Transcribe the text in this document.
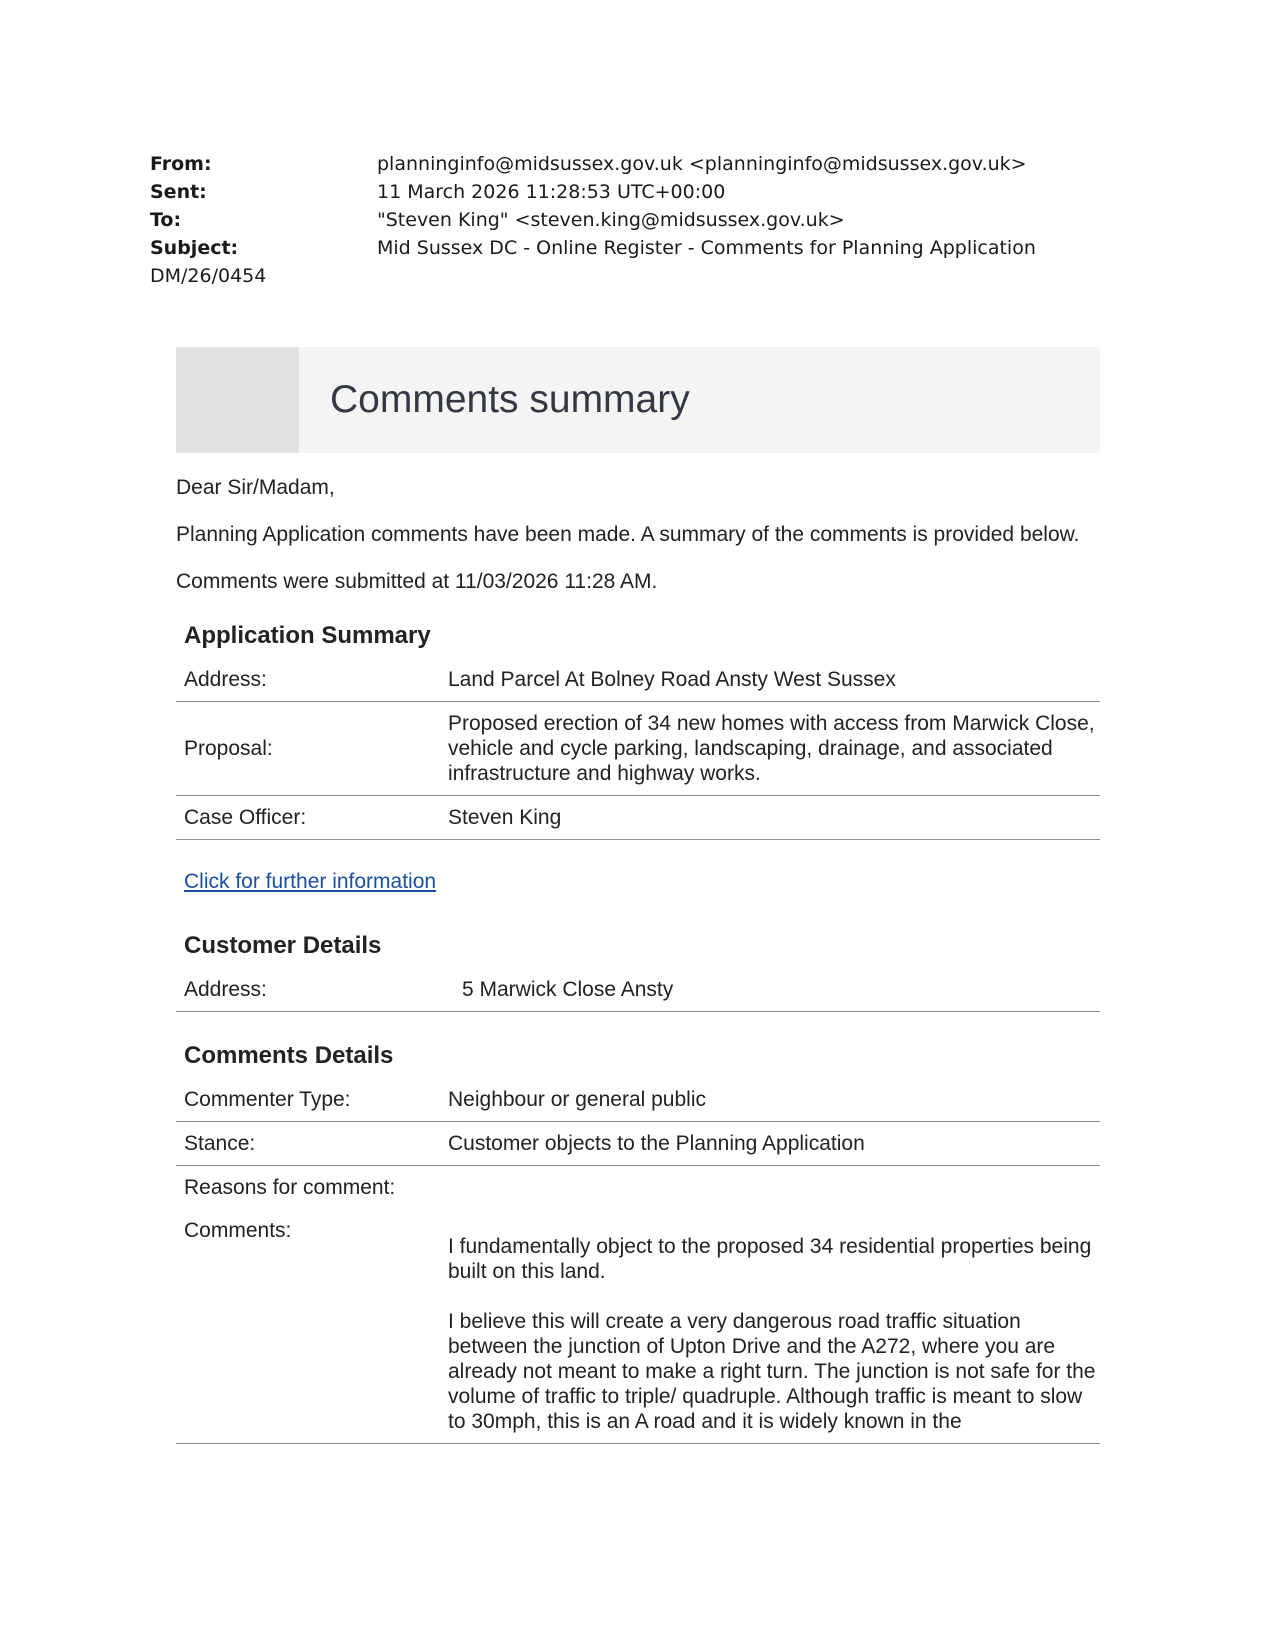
From:	planninginfo@midsussex.gov.uk <planninginfo@midsussex.gov.uk>
Sent:	11 March 2026 11:28:53 UTC+00:00
To:	"Steven King" <steven.king@midsussex.gov.uk>
Subject:	Mid Sussex DC - Online Register - Comments for Planning Application
DM/26/0454
Comments summary

Dear Sir/Madam,

Planning Application comments have been made. A summary of the comments is provided below.

Comments were submitted at 11/03/2026 11:28 AM.

Application Summary
Address:	Land Parcel At Bolney Road Ansty West Sussex
Proposal:	Proposed erection of 34 new homes with access from Marwick Close, vehicle and cycle parking, landscaping, drainage, and associated infrastructure and highway works.
Case Officer:	Steven King
Click for further information
Customer Details
Address:	5 Marwick Close Ansty
Comments Details
Commenter Type:	Neighbour or general public
Stance:	Customer objects to the Planning Application
Reasons for comment:	
Comments:	I fundamentally object to the proposed 34 residential properties being built on this land.

I believe this will create a very dangerous road traffic situation between the junction of Upton Drive and the A272, where you are already not meant to make a right turn. The junction is not safe for the volume of traffic to triple/ quadruple. Although traffic is meant to slow to 30mph, this is an A road and it is widely known in the
